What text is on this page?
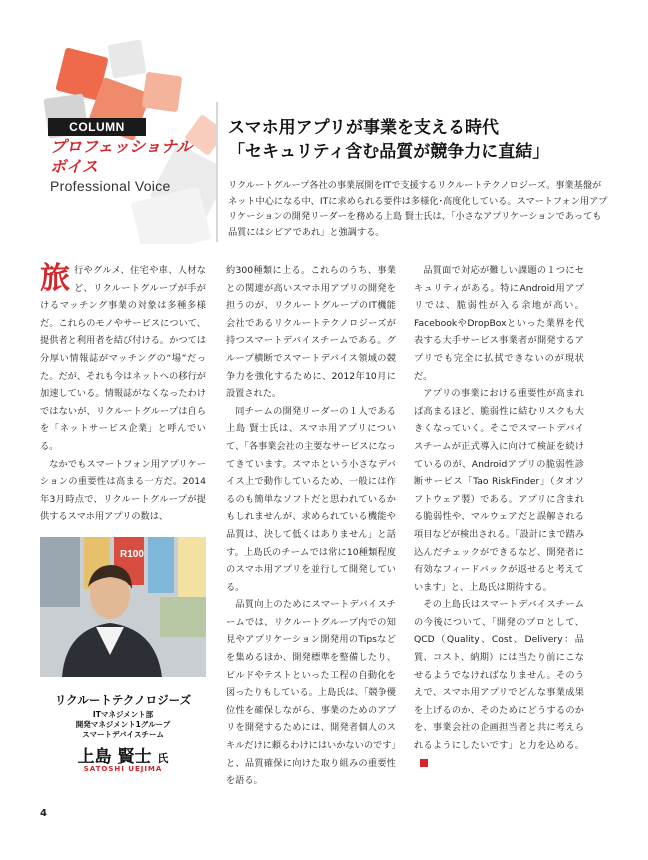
COLUMN
プロフェッショナル
ボイス
Professional Voice
スマホ用アプリが事業を支える時代
「セキュリティ含む品質が競争力に直結」
リクルートグループ各社の事業展開をITで支援するリクルートテクノロジーズ。事業基盤がネット中心になる中、ITに求められる要件は多様化･高度化している。スマートフォン用アプリケーションの開発リーダーを務める上島 賢士氏は、「小さなアプリケーションであっても品質にはシビアであれ」と強調する。

旅行やグルメ、住宅や車、人材など、リクルートグループが手がけるマッチング事業の対象は多種多様だ。これらのモノやサービスについて、提供者と利用者を結び付ける。かつては分厚い情報誌がマッチングの“場”だった。だが、それも今はネットへの移行が加速している。情報誌がなくなったわけではないが、リクルートグループは自らを「ネットサービス企業」と呼んでいる。

なかでもスマートフォン用アプリケーションの重要性は高まる一方だ。2014年3月時点で、リクルートグループが提供するスマホ用アプリの数は、

R100
リクルートテクノロジーズ
ITマネジメント部
開発マネジメント1グループ
スマートデバイスチーム
上島 賢士 氏
SATOSHI UEJIMA

約300種類に上る。これらのうち、事業との関連が高いスマホ用アプリの開発を担うのが、リクルートグループのIT機能会社であるリクルートテクノロジーズが持つスマートデバイスチームである。グループ横断でスマートデバイス領域の競争力を強化するために、2012年10月に設置された。

同チームの開発リーダーの１人である上島 賢士氏は、スマホ用アプリについて、「各事業会社の主要なサービスになってきています。スマホという小さなデバイス上で動作しているため、一般には作るのも簡単なソフトだと思われているかもしれませんが、求められている機能や品質は、決して低くはありません」と話す。上島氏のチームでは常に10種類程度のスマホ用アプリを並行して開発している。

品質向上のためにスマートデバイスチームでは、リクルートグループ内での知見やアプリケーション開発用のTipsなどを集めるほか、開発標準を整備したり、ビルドやテストといった工程の自動化を図ったりもしている。上島氏は、「競争優位性を確保しながら、事業のためのアプリを開発するためには、開発者個人のスキルだけに頼るわけにはいかないのです」と、品質確保に向けた取り組みの重要性を語る。

品質面で対応が難しい課題の１つにセキュリティがある。特にAndroid用アプリでは、脆弱性が入る余地が高い。FacebookやDropBoxといった業界を代表する大手サービス事業者が開発するアプリでも完全に払拭できないのが現状だ。

アプリの事業における重要性が高まれば高まるほど、脆弱性に結むリスクも大きくなっていく。そこでスマートデバイスチームが正式導入に向けて検証を続けているのが、Androidアプリの脆弱性診断サービス「Tao RiskFinder」（タオソフトウェア製）である。アプリに含まれる脆弱性や、マルウェアだと誤解される項目などが検出される。「設計にまで踏み込んだチェックができるなど、開発者に有効なフィードバックが返せると考えています」と、上島氏は期待する。

その上島氏はスマートデバイスチームの今後について、「開発のプロとして、QCD（Quality、Cost、Delivery：品質、コスト、納期）には当たり前にこなせるようでなければなりません。そのうえで、スマホ用アプリでどんな事業成果を上げるのか、そのためにどうするのかを、事業会社の企画担当者と共に考えられるようにしたいです」と力を込める。

4
